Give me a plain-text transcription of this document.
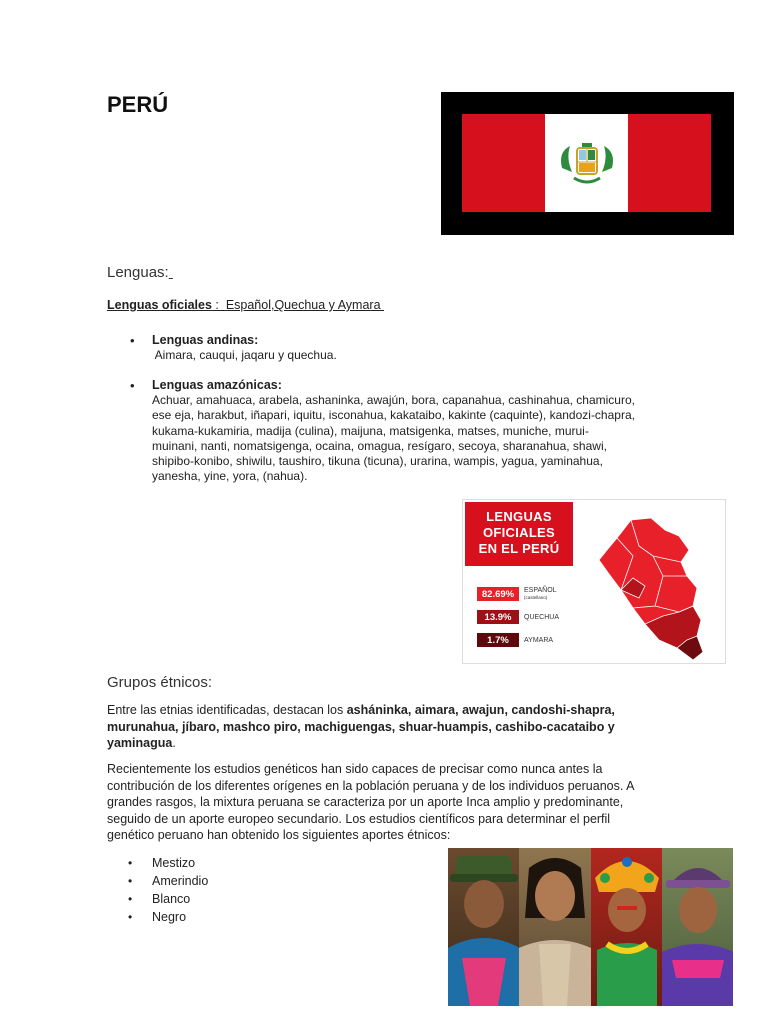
PERÚ
Lenguas:
Lenguas oficiales :  Español,Quechua y Aymara
• Lenguas andinas:
Aimara, cauqui, jaqaru y quechua.
• Lenguas amazónicas:
Achuar, amahuaca, arabela, ashaninka, awajún, bora, capanahua, cashinahua, chamicuro,
ese eja, harakbut, iñapari, iquitu, isconahua, kakataibo, kakinte (caquinte), kandozi-chapra,
kukama-kukamiria, madija (culina), maijuna, matsigenka, matses, muniche, murui-
muinani, nanti, nomatsigenga, ocaina, omagua, resígaro, secoya, sharanahua, shawi,
shipibo-konibo, shiwilu, taushiro, tikuna (ticuna), urarina, wampis, yagua, yaminahua,
yanesha, yine, yora, (nahua).
LENGUAS
OFICIALES
EN EL PERÚ
82.69%	ESPAÑOL
(castellano)
13.9%	QUECHUA
1.7%	AYMARA
Grupos étnicos:
Entre las etnias identificadas, destacan los asháninka, aimara, awajun, candoshi-shapra, murunahua, jíbaro, mashco piro, machiguengas, shuar-huampis, cashibo-cacataibo y yaminagua.
Recientemente los estudios genéticos han sido capaces de precisar como nunca antes la contribución de los diferentes orígenes en la población peruana y de los individuos peruanos. A grandes rasgos, la mixtura peruana se caracteriza por un aporte Inca amplio y predominante, seguido de un aporte europeo secundario. Los estudios científicos para determinar el perfil genético peruano han obtenido los siguientes aportes étnicos:
• Mestizo
• Amerindio
• Blanco
• Negro
